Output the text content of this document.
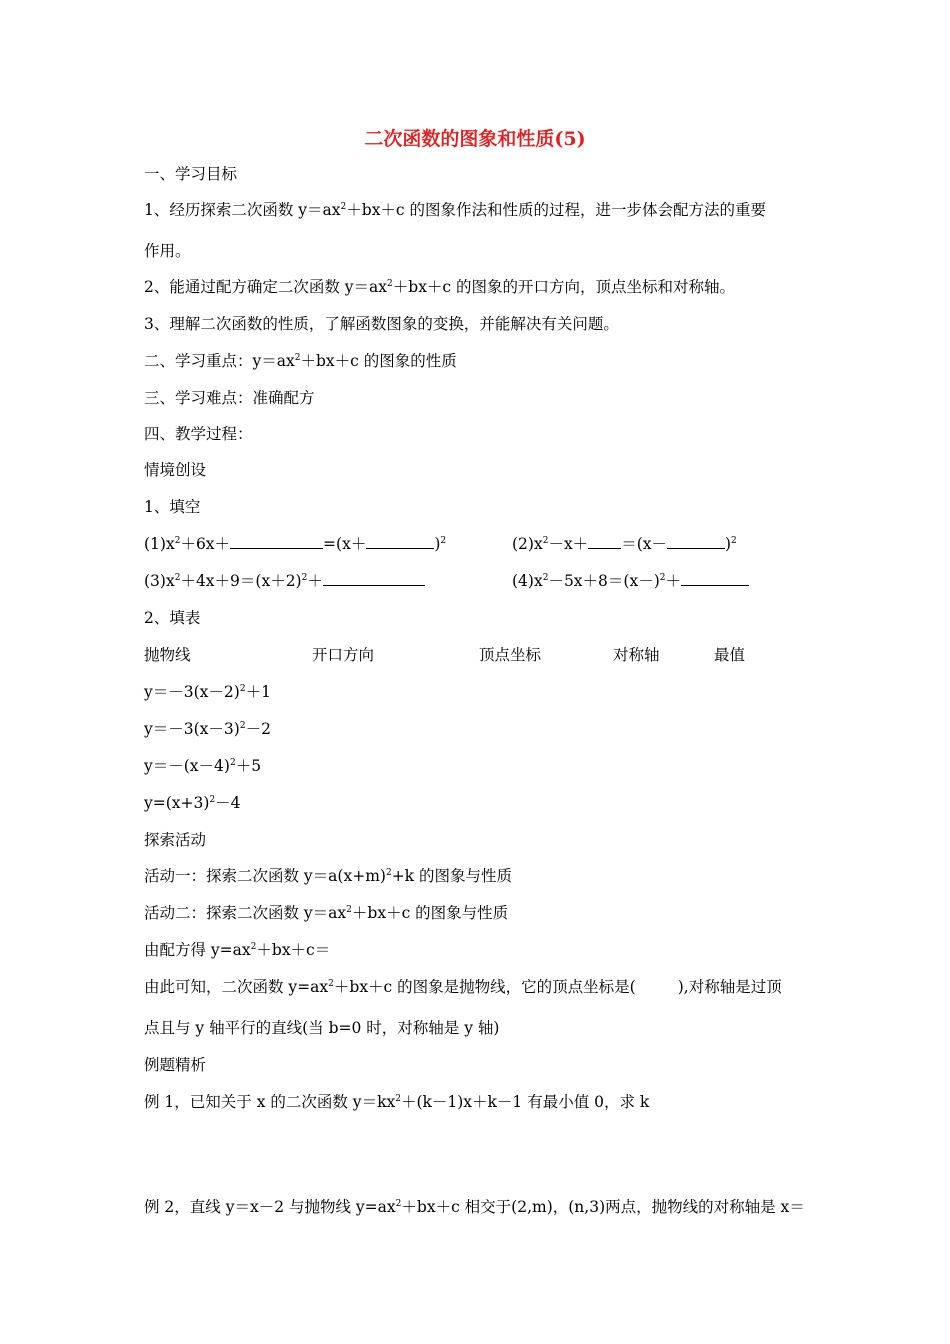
二次函数的图象和性质(5)
一、学习目标
1、经历探索二次函数 $y=ax^2+bx+c$ 的图象作法和性质的过程，进一步体会配方法的重要
作用。
2、能通过配方确定二次函数 $y=ax^2+bx+c$ 的图象的开口方向，顶点坐标和对称轴。
3、理解二次函数的性质，了解函数图象的变换，并能解决有关问题。
二、学习重点：$y=ax^2+bx+c$ 的图象的性质
三、学习难点：准确配方
四、教学过程：
情境创设
1、填空
$(1)x^2+6x+$	=(x＋	)$^2$	$(2)x^2-x+ =(x-$	)$^2$
$(3)x^2+4x+9=(x+2)^2+$	$(4)x^2-5x+8=(x-)^2+$
2、填表
抛物线	开口方向	顶点坐标	对称轴	最值
$y=-3(x-2)^2+1$
$y=-3(x-3)^2-2$
$y=-(x-4)^2+5$
$y=(x+3)^2-4$
探索活动
活动一：探索二次函数 $y=a(x+m)^2+k$ 的图象与性质
活动二：探索二次函数 $y=ax^2+bx+c$ 的图象与性质
由配方得 $y=ax^2+bx+c=$
由此可知，二次函数 $y=ax^2+bx+c$ 的图象是抛物线，它的顶点坐标是(	),对称轴是过顶
点且与 y 轴平行的直线(当 b=0 时，对称轴是 y 轴)
例题精析
例 1，已知关于 x 的二次函数 $y=kx^2+(k-1)x+k-1$ 有最小值 0，求 k
例 2，直线 y＝x－2 与抛物线 $y=ax^2+bx+c$ 相交于(2,m)，(n,3)两点，抛物线的对称轴是 x＝
